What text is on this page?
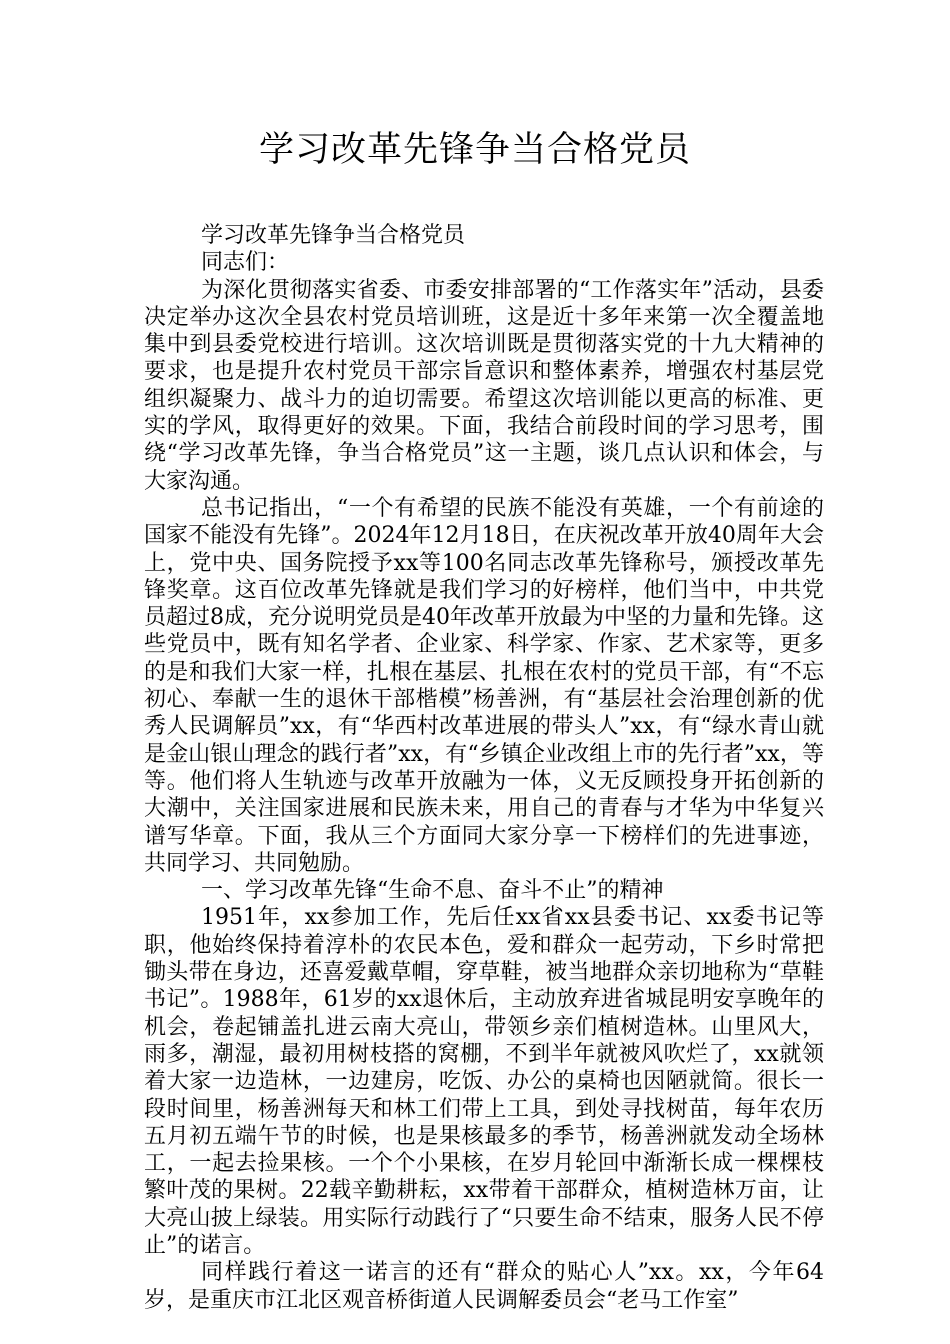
学习改革先锋争当合格党员

学习改革先锋争当合格党员

同志们：

为深化贯彻落实省委、市委安排部署的“工作落实年”活动，县委决定举办这次全县农村党员培训班，这是近十多年来第一次全覆盖地集中到县委党校进行培训。这次培训既是贯彻落实党的十九大精神的要求，也是提升农村党员干部宗旨意识和整体素养，增强农村基层党组织凝聚力、战斗力的迫切需要。希望这次培训能以更高的标准、更实的学风，取得更好的效果。下面，我结合前段时间的学习思考，围绕“学习改革先锋，争当合格党员”这一主题，谈几点认识和体会，与大家沟通。

总书记指出，“一个有希望的民族不能没有英雄，一个有前途的国家不能没有先锋”。2024年12月18日，在庆祝改革开放40周年大会上，党中央、国务院授予xx等100名同志改革先锋称号，颁授改革先锋奖章。这百位改革先锋就是我们学习的好榜样，他们当中，中共党员超过8成，充分说明党员是40年改革开放最为中坚的力量和先锋。这些党员中，既有知名学者、企业家、科学家、作家、艺术家等，更多的是和我们大家一样，扎根在基层、扎根在农村的党员干部，有“不忘初心、奉献一生的退休干部楷模”杨善洲，有“基层社会治理创新的优秀人民调解员”xx，有“华西村改革进展的带头人”xx，有“绿水青山就是金山银山理念的践行者”xx，有“乡镇企业改组上市的先行者”xx，等等。他们将人生轨迹与改革开放融为一体，义无反顾投身开拓创新的大潮中，关注国家进展和民族未来，用自己的青春与才华为中华复兴谱写华章。下面，我从三个方面同大家分享一下榜样们的先进事迹，共同学习、共同勉励。

一、学习改革先锋“生命不息、奋斗不止”的精神

1951年，xx参加工作，先后任xx省xx县委书记、xx委书记等职，他始终保持着淳朴的农民本色，爱和群众一起劳动，下乡时常把锄头带在身边，还喜爱戴草帽，穿草鞋，被当地群众亲切地称为“草鞋书记”。1988年，61岁的xx退休后，主动放弃进省城昆明安享晚年的机会，卷起铺盖扎进云南大亮山，带领乡亲们植树造林。山里风大，雨多，潮湿，最初用树枝搭的窝棚，不到半年就被风吹烂了，xx就领着大家一边造林，一边建房，吃饭、办公的桌椅也因陋就简。很长一段时间里，杨善洲每天和林工们带上工具，到处寻找树苗，每年农历五月初五端午节的时候，也是果核最多的季节，杨善洲就发动全场林工，一起去捡果核。一个个小果核，在岁月轮回中渐渐长成一棵棵枝繁叶茂的果树。22载辛勤耕耘，xx带着干部群众，植树造林万亩，让大亮山披上绿装。用实际行动践行了“只要生命不结束，服务人民不停止”的诺言。

同样践行着这一诺言的还有“群众的贴心人”xx。xx，今年64岁，是重庆市江北区观音桥街道人民调解委员会“老马工作室”
